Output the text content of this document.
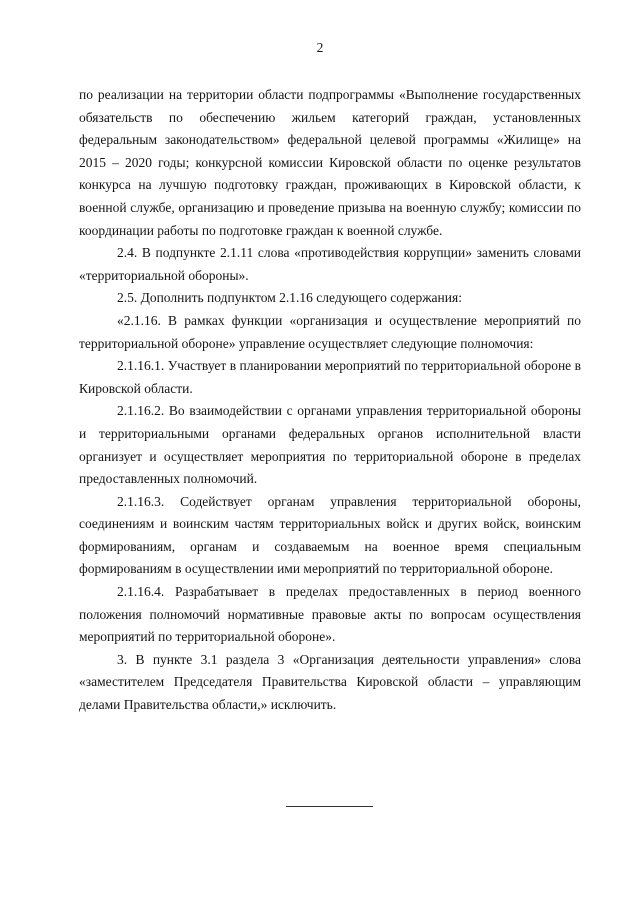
2

по реализации на территории области подпрограммы «Выполнение государственных обязательств по обеспечению жильем категорий граждан, установленных федеральным законодательством» федеральной целевой программы «Жилище» на 2015 – 2020 годы; конкурсной комиссии Кировской области по оценке результатов конкурса на лучшую подготовку граждан, проживающих в Кировской области, к военной службе, организацию и проведение призыва на военную службу; комиссии по координации работы по подготовке граждан к военной службе.

2.4. В подпункте 2.1.11 слова «противодействия коррупции» заменить словами «территориальной обороны».

2.5. Дополнить подпунктом 2.1.16 следующего содержания:

«2.1.16. В рамках функции «организация и осуществление мероприятий по территориальной обороне» управление осуществляет следующие полномочия:

2.1.16.1. Участвует в планировании мероприятий по территориальной обороне в Кировской области.

2.1.16.2. Во взаимодействии с органами управления территориальной обороны и территориальными органами федеральных органов исполнительной власти организует и осуществляет мероприятия по территориальной обороне в пределах предоставленных полномочий.

2.1.16.3. Содействует органам управления территориальной обороны, соединениям и воинским частям территориальных войск и других войск, воинским формированиям, органам и создаваемым на военное время специальным формированиям в осуществлении ими мероприятий по территориальной обороне.

2.1.16.4. Разрабатывает в пределах предоставленных в период военного положения полномочий нормативные правовые акты по вопросам осуществления мероприятий по территориальной обороне».

3. В пункте 3.1 раздела 3 «Организация деятельности управления» слова «заместителем Председателя Правительства Кировской области – управляющим делами Правительства области,» исключить.
